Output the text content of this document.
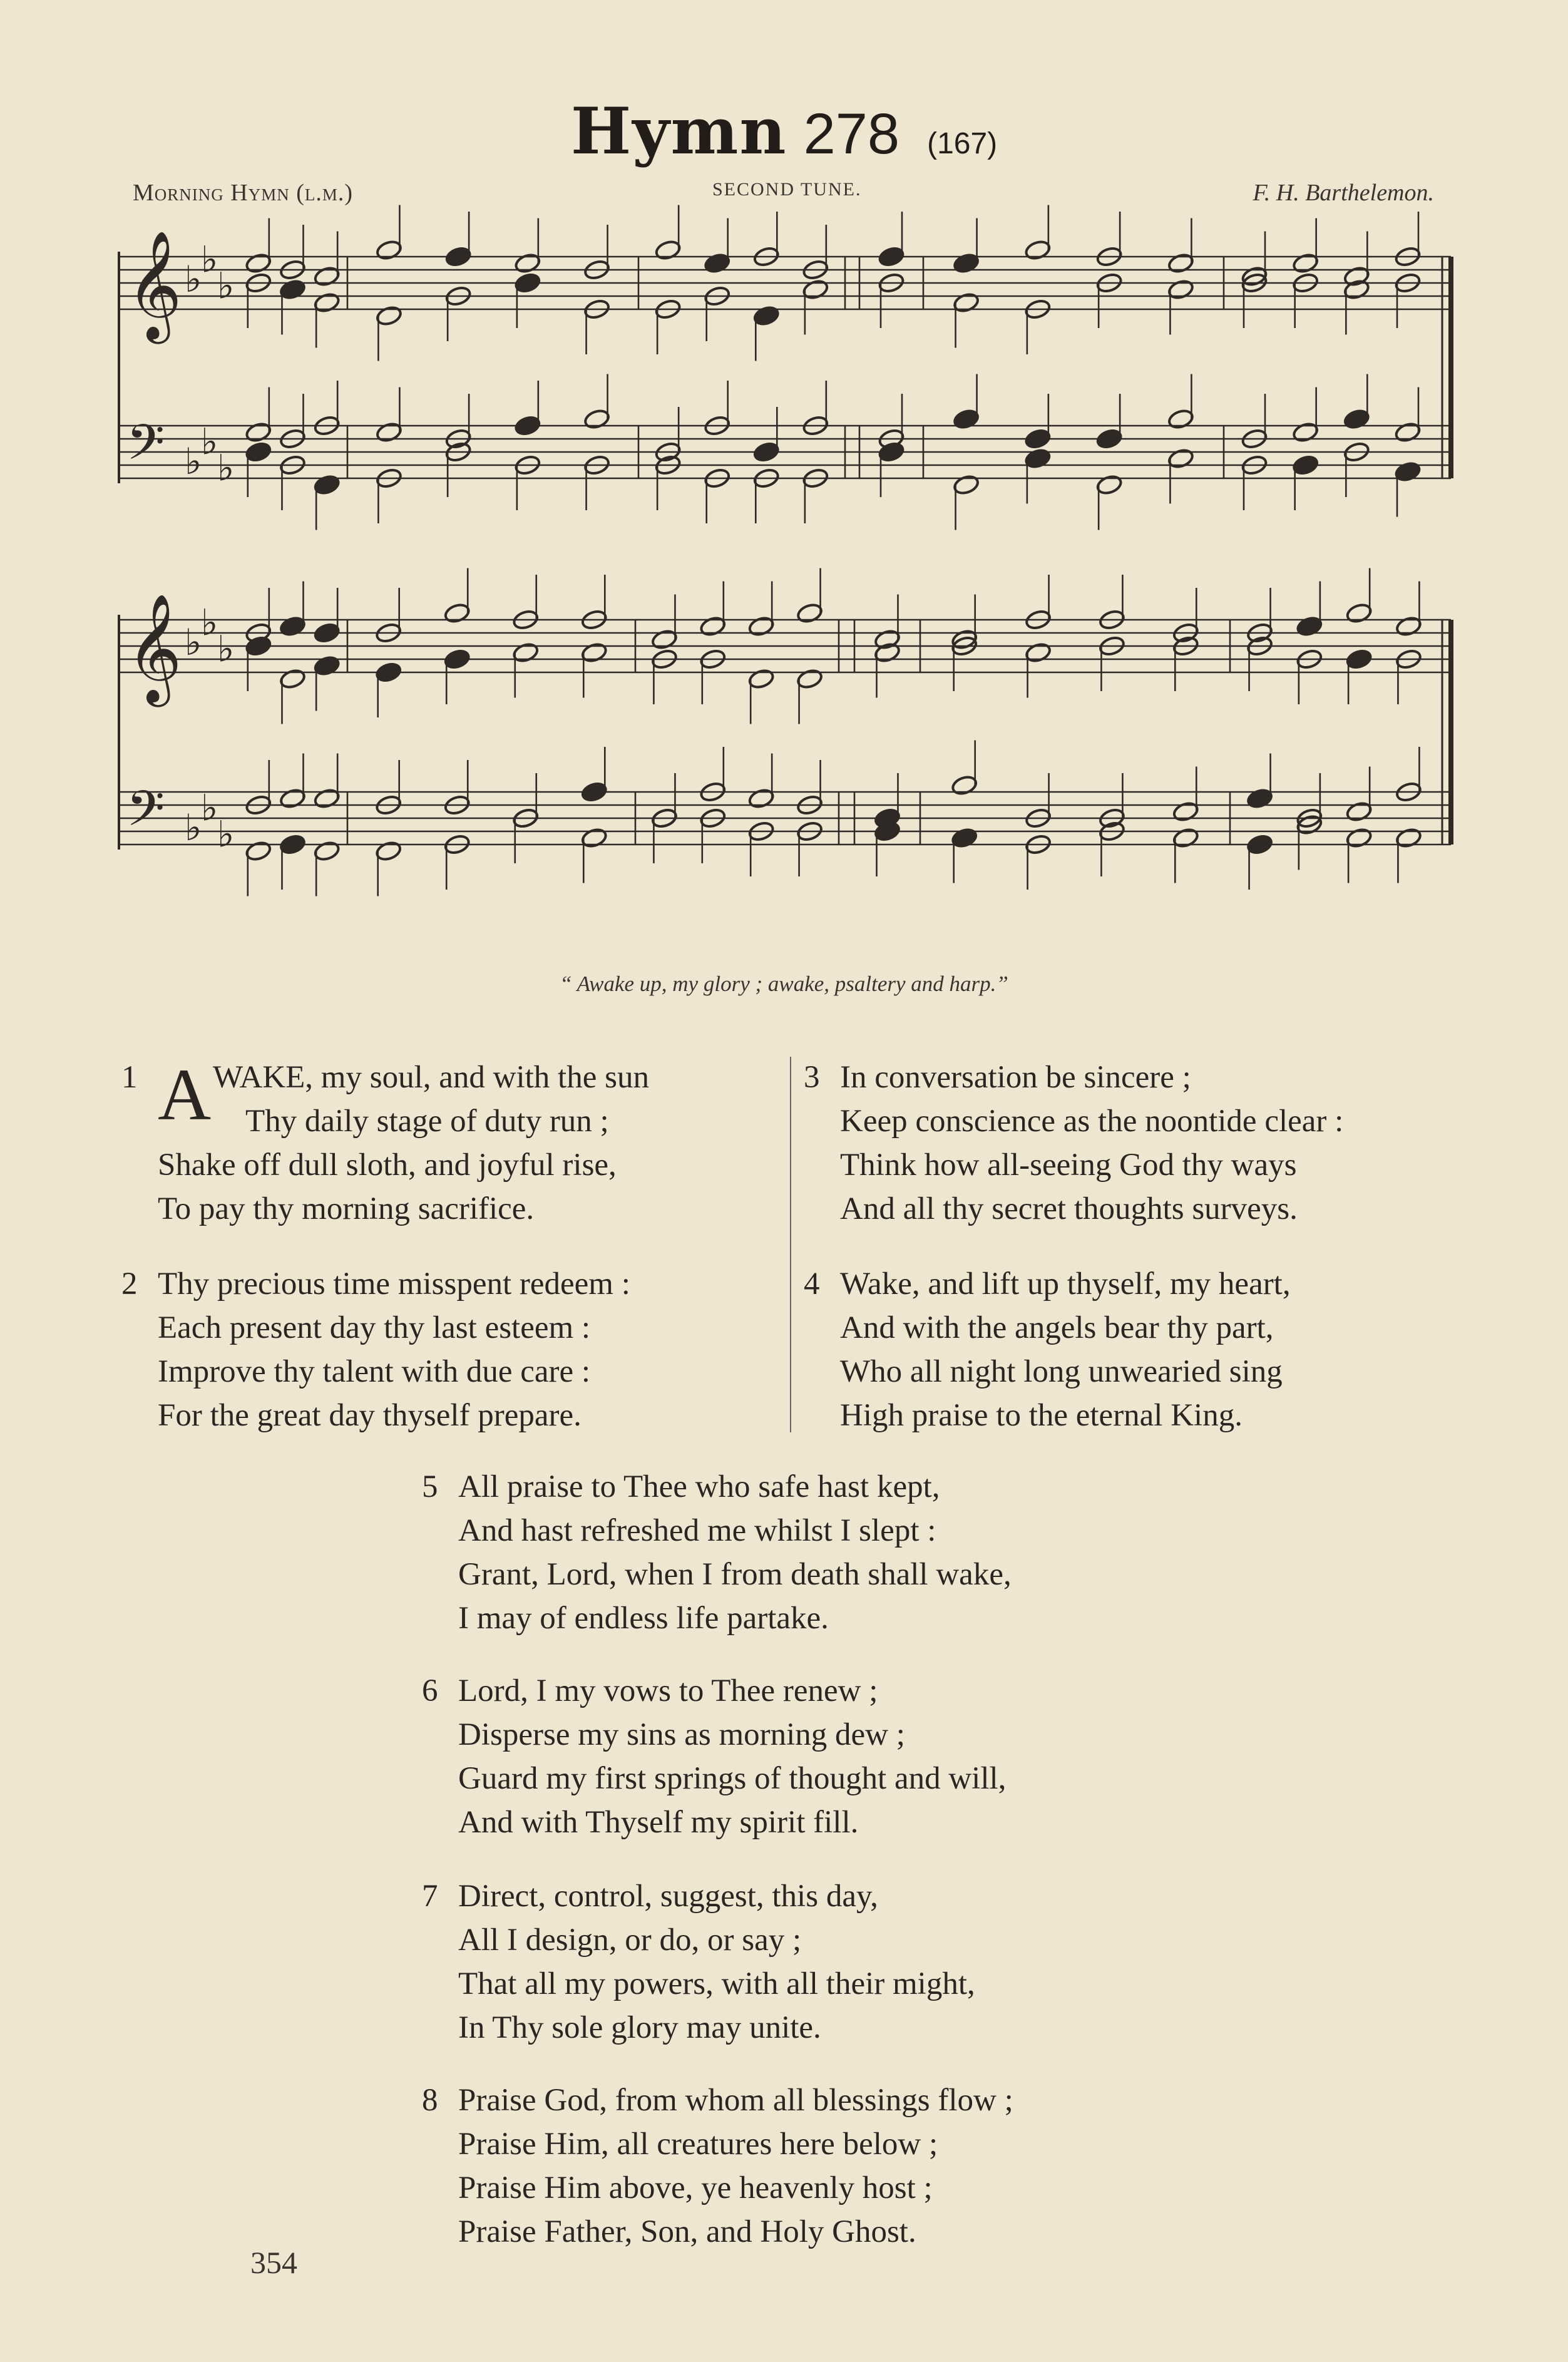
Hymn 278 (167)
Morning Hymn (l.m.)	SECOND TUNE.	F. H. Barthelemon.
𝄞 ♭
♭
♭
𝄢 ♭
♭
♭
𝄞 ♭
♭
♭
𝄢 ♭
♭
♭
“ Awake up, my glory ; awake, psaltery and harp.”
1 A WAKE, my soul, and with the sun
Thy daily stage of duty run ;
Shake off dull sloth, and joyful rise,
To pay thy morning sacrifice.
2 Thy precious time misspent redeem :
Each present day thy last esteem :
Improve thy talent with due care :
For the great day thyself prepare.
3 In conversation be sincere ;
Keep conscience as the noontide clear :
Think how all-seeing God thy ways
And all thy secret thoughts surveys.
4 Wake, and lift up thyself, my heart,
And with the angels bear thy part,
Who all night long unwearied sing
High praise to the eternal King.
5 All praise to Thee who safe hast kept,
And hast refreshed me whilst I slept :
Grant, Lord, when I from death shall wake,
I may of endless life partake.
6 Lord, I my vows to Thee renew ;
Disperse my sins as morning dew ;
Guard my first springs of thought and will,
And with Thyself my spirit fill.
7 Direct, control, suggest, this day,
All I design, or do, or say ;
That all my powers, with all their might,
In Thy sole glory may unite.
8 Praise God, from whom all blessings flow ;
Praise Him, all creatures here below ;
Praise Him above, ye heavenly host ;
Praise Father, Son, and Holy Ghost.
354
